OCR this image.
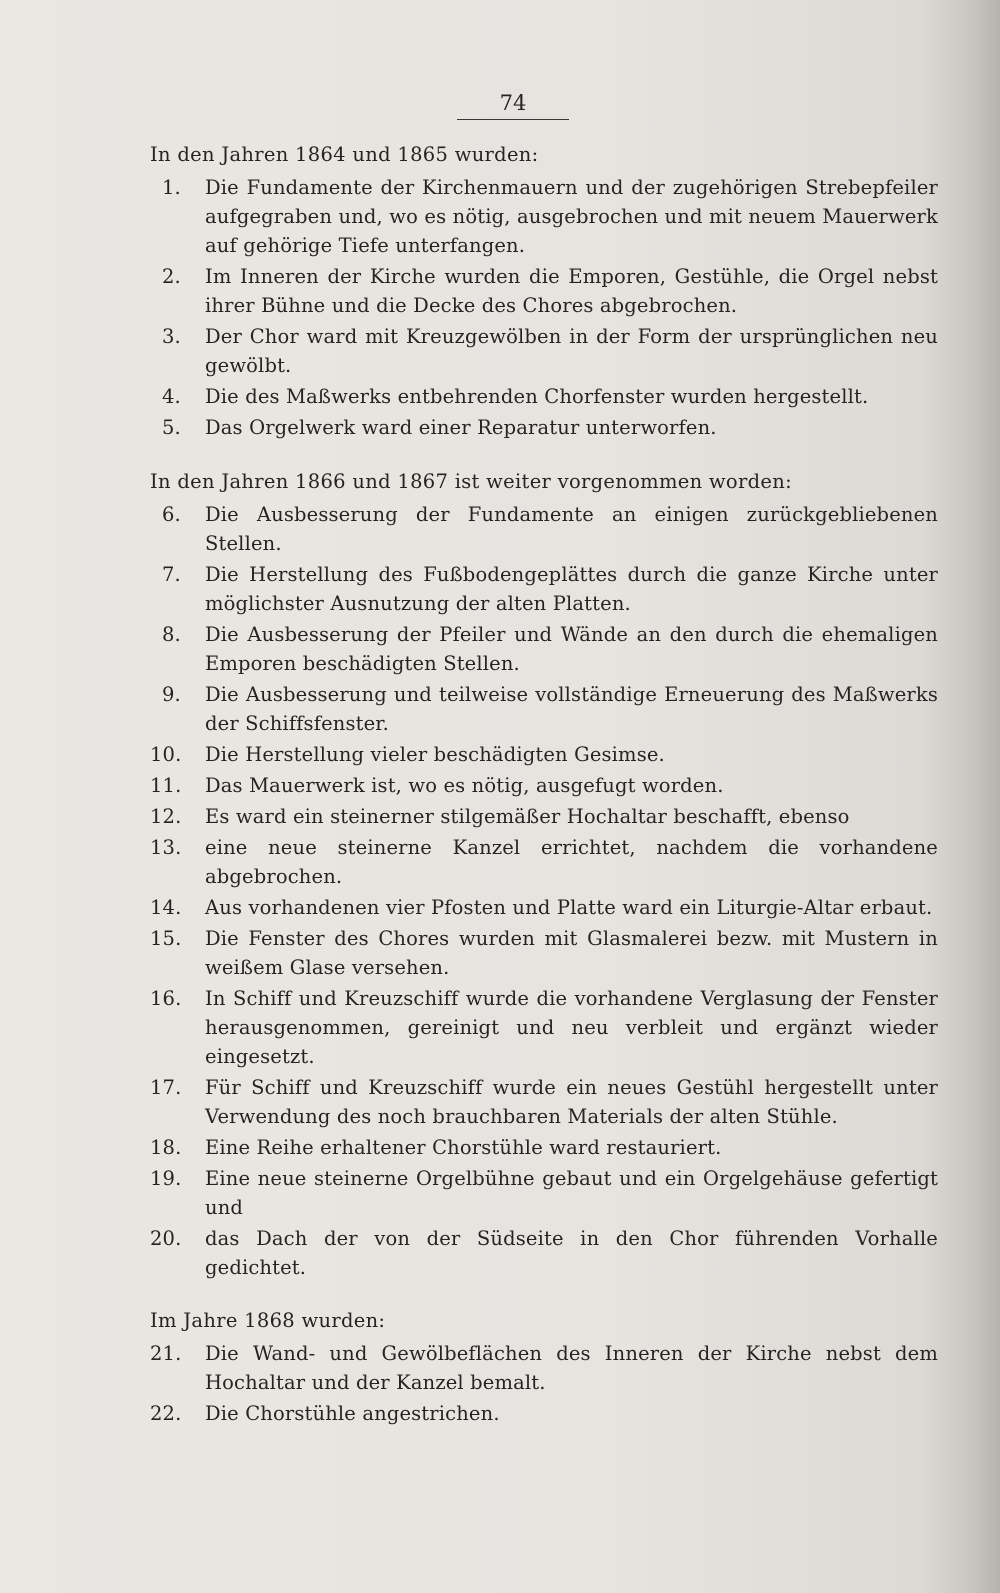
74
In den Jahren 1864 und 1865 wurden:
1.	Die Fundamente der Kirchenmauern und der zugehörigen Strebepfeiler aufgegraben und, wo es nötig, ausgebrochen und mit neuem Mauerwerk auf gehörige Tiefe unterfangen.
2.	Im Inneren der Kirche wurden die Emporen, Gestühle, die Orgel nebst ihrer Bühne und die Decke des Chores abgebrochen.
3.	Der Chor ward mit Kreuzgewölben in der Form der ursprünglichen neu gewölbt.
4.	Die des Maßwerks entbehrenden Chorfenster wurden hergestellt.
5.	Das Orgelwerk ward einer Reparatur unterworfen.
In den Jahren 1866 und 1867 ist weiter vorgenommen worden:
6.	Die Ausbesserung der Fundamente an einigen zurückgebliebenen Stellen.
7.	Die Herstellung des Fußbodengeplättes durch die ganze Kirche unter möglichster Ausnutzung der alten Platten.
8.	Die Ausbesserung der Pfeiler und Wände an den durch die ehemaligen Emporen beschädigten Stellen.
9.	Die Ausbesserung und teilweise vollständige Erneuerung des Maßwerks der Schiffsfenster.
10.	Die Herstellung vieler beschädigten Gesimse.
11.	Das Mauerwerk ist, wo es nötig, ausgefugt worden.
12.	Es ward ein steinerner stilgemäßer Hochaltar beschafft, ebenso
13.	eine neue steinerne Kanzel errichtet, nachdem die vorhandene abgebrochen.
14.	Aus vorhandenen vier Pfosten und Platte ward ein Liturgie-Altar erbaut.
15.	Die Fenster des Chores wurden mit Glasmalerei bezw. mit Mustern in weißem Glase versehen.
16.	In Schiff und Kreuzschiff wurde die vorhandene Verglasung der Fenster herausgenommen, gereinigt und neu verbleit und ergänzt wieder eingesetzt.
17.	Für Schiff und Kreuzschiff wurde ein neues Gestühl hergestellt unter Verwendung des noch brauchbaren Materials der alten Stühle.
18.	Eine Reihe erhaltener Chorstühle ward restauriert.
19.	Eine neue steinerne Orgelbühne gebaut und ein Orgelgehäuse gefertigt und
20.	das Dach der von der Südseite in den Chor führenden Vorhalle gedichtet.
Im Jahre 1868 wurden:
21.	Die Wand- und Gewölbeflächen des Inneren der Kirche nebst dem Hochaltar und der Kanzel bemalt.
22.	Die Chorstühle angestrichen.
